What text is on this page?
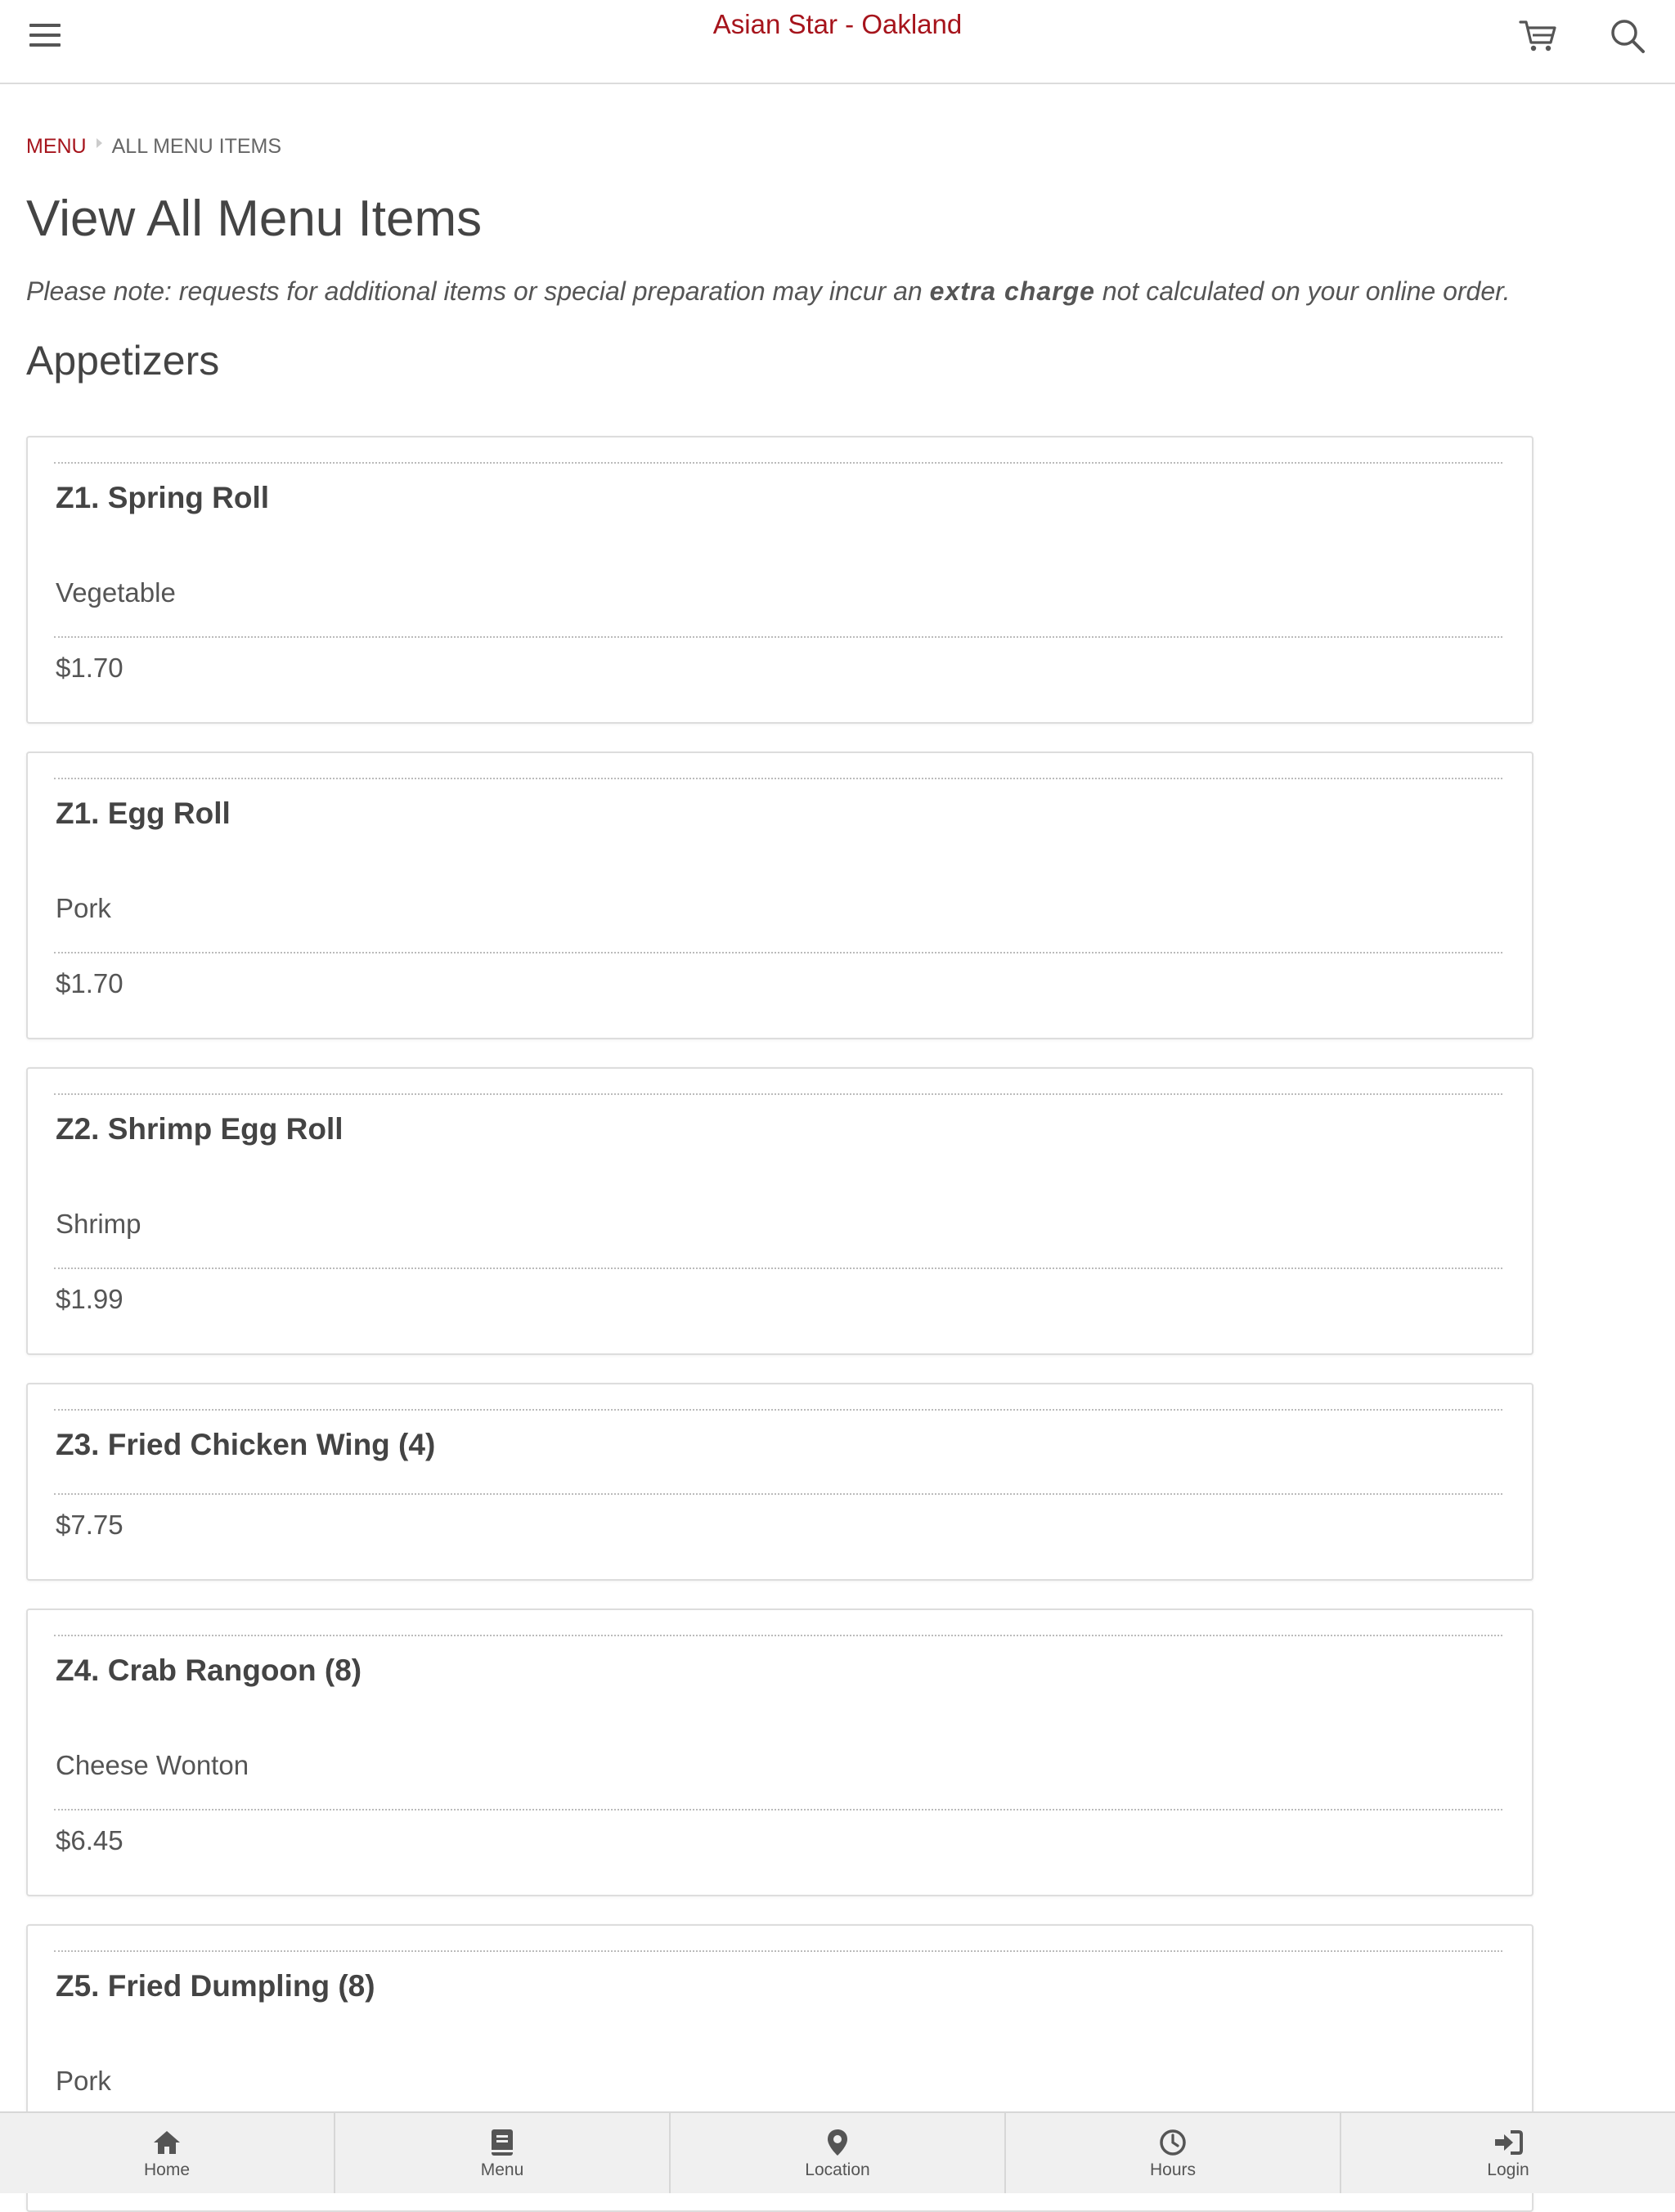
Asian Star - Oakland
MENU ALL MENU ITEMS
View All Menu Items
Please note: requests for additional items or special preparation may incur an extra charge not calculated on your online order.
Appetizers
Z1. Spring Roll
Vegetable
$1.70
Z1. Egg Roll
Pork
$1.70
Z2. Shrimp Egg Roll
Shrimp
$1.99
Z3. Fried Chicken Wing (4)
$7.75
Z4. Crab Rangoon (8)
Cheese Wonton
$6.45
Z5. Fried Dumpling (8)
Pork
Home	Menu	Location	Hours	Login
